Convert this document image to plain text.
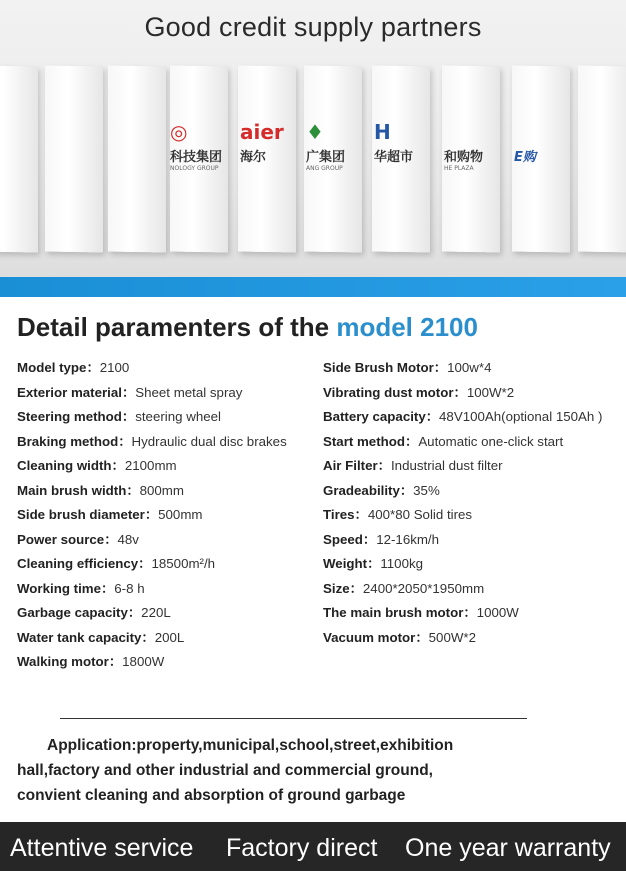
Good credit supply partners
◎
科技集团
NOLOGY GROUP
aier
海尔
♦
广集团
ANG GROUP
H
华超市	和购物
HE PLAZA
E购
Detail paramenters of the model 2100
Model type：2100
Exterior material：Sheet metal spray
Steering method：steering wheel
Braking method：Hydraulic dual disc brakes
Cleaning width：2100mm
Main brush width：800mm
Side brush diameter：500mm
Power source：48v
Cleaning efficiency：18500m²/h
Working time：6-8 h
Garbage capacity：220L
Water tank capacity：200L
Walking motor：1800W
Side Brush Motor：100w*4
Vibrating dust motor：100W*2
Battery capacity：48V100Ah(optional 150Ah )
Start method：Automatic one-click start
Air Filter：Industrial dust filter
Gradeability：35%
Tires：400*80 Solid tires
Speed：12-16km/h
Weight：1100kg
Size：2400*2050*1950mm
The main brush motor：1000W
Vacuum motor：500W*2
Application:property,municipal,school,street,exhibition
hall,factory and other industrial and commercial ground,
convient cleaning and absorption of ground garbage
Attentive service Factory direct One year warranty
